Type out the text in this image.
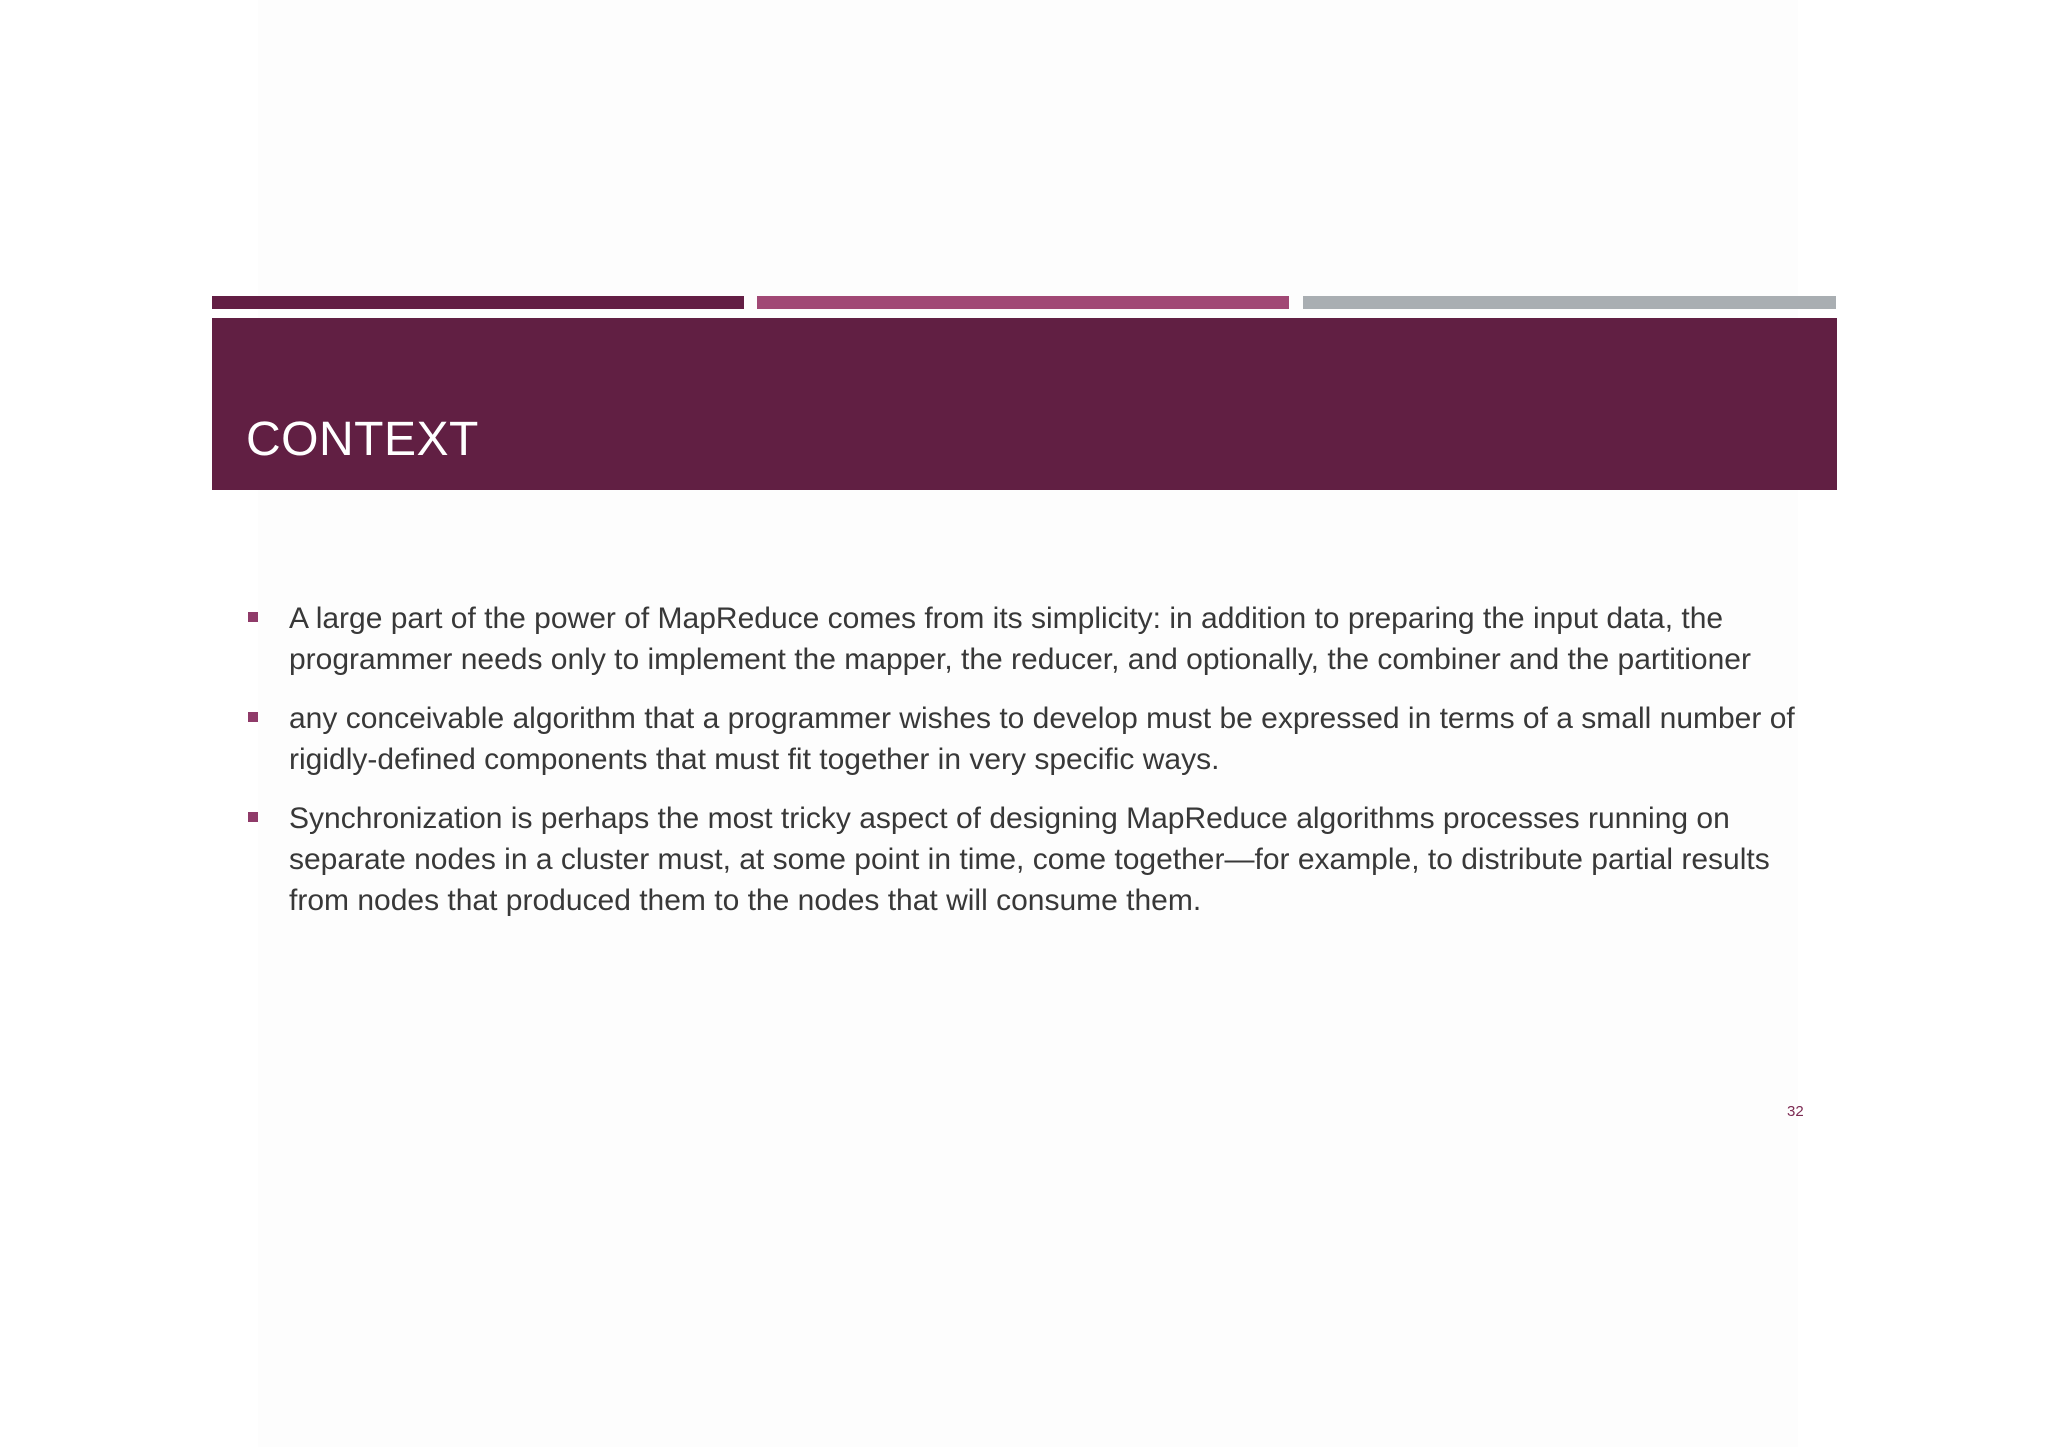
CONTEXT
A large part of the power of MapReduce comes from its simplicity: in addition to preparing the input data, the programmer needs only to implement the mapper, the reducer, and optionally, the combiner and the partitioner
any conceivable algorithm that a programmer wishes to develop must be expressed in terms of a small number of rigidly-defined components that must fit together in very specific ways.
Synchronization is perhaps the most tricky aspect of designing MapReduce algorithms processes running on separate nodes in a cluster must, at some point in time, come together—for example, to distribute partial results from nodes that produced them to the nodes that will consume them.
32
